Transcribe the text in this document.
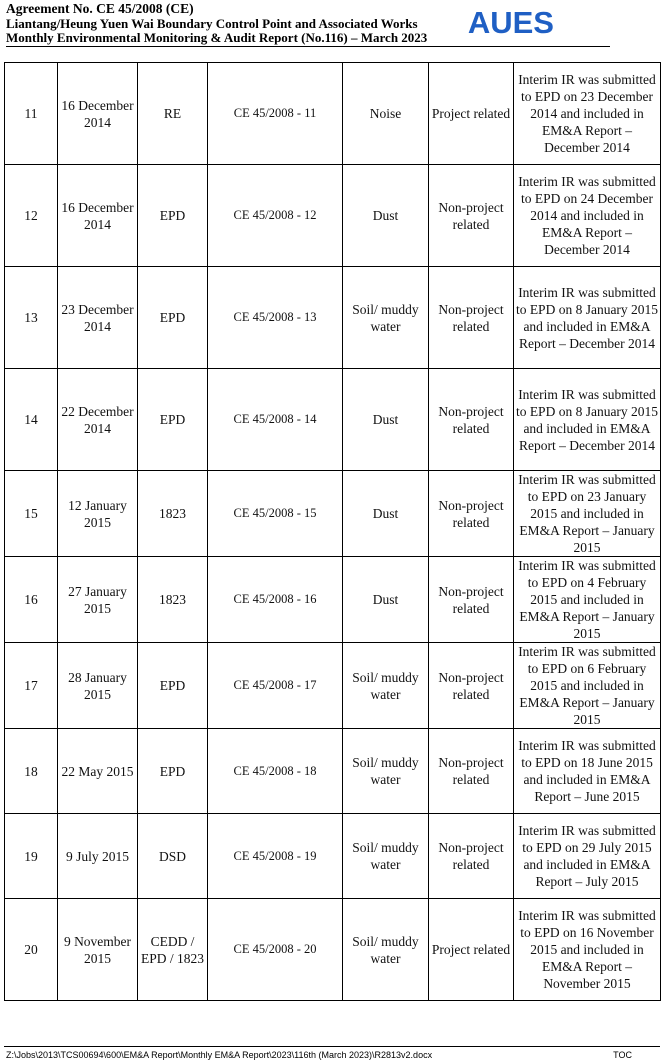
Agreement No. CE 45/2008 (CE)
Liantang/Heung Yuen Wai Boundary Control Point and Associated Works
Monthly Environmental Monitoring & Audit Report (No.116) – March 2023	AUES
11	16 December 2014	RE	CE 45/2008 - 11	Noise	Project related	Interim IR was submitted to EPD on 23 December 2014 and included in EM&A Report – December 2014
12	16 December 2014	EPD	CE 45/2008 - 12	Dust	Non-project related	Interim IR was submitted to EPD on 24 December 2014 and included in EM&A Report – December 2014
13	23 December 2014	EPD	CE 45/2008 - 13	Soil/ muddy water	Non-project related	Interim IR was submitted to EPD on 8 January 2015 and included in EM&A Report – December 2014
14	22 December 2014	EPD	CE 45/2008 - 14	Dust	Non-project related	Interim IR was submitted to EPD on 8 January 2015 and included in EM&A Report – December 2014
15	12 January 2015	1823	CE 45/2008 - 15	Dust	Non-project related	Interim IR was submitted to EPD on 23 January 2015 and included in EM&A Report – January 2015
16	27 January 2015	1823	CE 45/2008 - 16	Dust	Non-project related	Interim IR was submitted to EPD on 4 February 2015 and included in EM&A Report – January 2015
17	28 January 2015	EPD	CE 45/2008 - 17	Soil/ muddy water	Non-project related	Interim IR was submitted to EPD on 6 February 2015 and included in EM&A Report – January 2015
18	22 May 2015	EPD	CE 45/2008 - 18	Soil/ muddy water	Non-project related	Interim IR was submitted to EPD on 18 June 2015 and included in EM&A Report – June 2015
19	9 July 2015	DSD	CE 45/2008 - 19	Soil/ muddy water	Non-project related	Interim IR was submitted to EPD on 29 July 2015 and included in EM&A Report – July 2015
20	9 November 2015	CEDD / EPD / 1823	CE 45/2008 - 20	Soil/ muddy water	Project related	Interim IR was submitted to EPD on 16 November 2015 and included in EM&A Report – November 2015
Z:\Jobs\2013\TCS00694\600\EM&A Report\Monthly EM&A Report\2023\116th (March 2023)\R2813v2.docx	TOC
